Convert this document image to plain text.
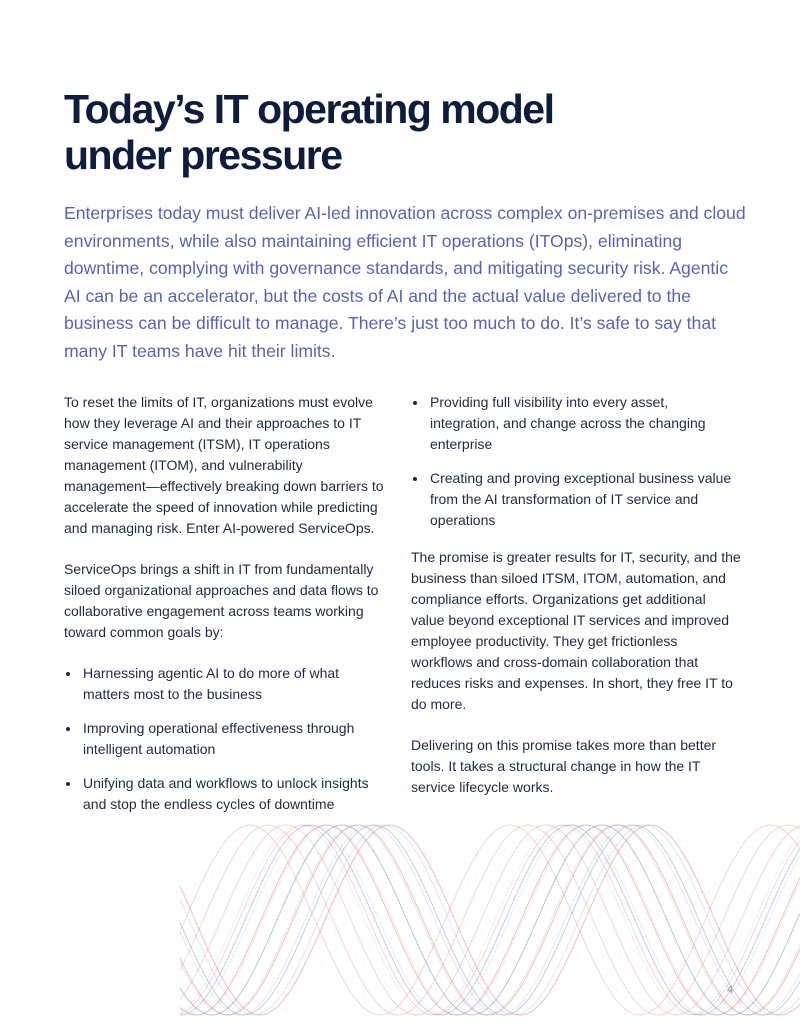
Today’s IT operating model
under pressure

Enterprises today must deliver AI-led innovation across complex on-premises and cloud environments, while also maintaining efficient IT operations (ITOps), eliminating downtime, complying with governance standards, and mitigating security risk. Agentic AI can be an accelerator, but the costs of AI and the actual value delivered to the business can be difficult to manage. There’s just too much to do. It’s safe to say that many IT teams have hit their limits.

To reset the limits of IT, organizations must evolve how they leverage AI and their approaches to IT service management (ITSM), IT operations management (ITOM), and vulnerability management—effectively breaking down barriers to accelerate the speed of innovation while predicting and managing risk. Enter AI-powered ServiceOps.

ServiceOps brings a shift in IT from fundamentally siloed organizational approaches and data flows to collaborative engagement across teams working toward common goals by:

Harnessing agentic AI to do more of what matters most to the business
Improving operational effectiveness through intelligent automation
Unifying data and workflows to unlock insights and stop the endless cycles of downtime
Providing full visibility into every asset, integration, and change across the changing enterprise
Creating and proving exceptional business value from the AI transformation of IT service and operations

The promise is greater results for IT, security, and the business than siloed ITSM, ITOM, automation, and compliance efforts. Organizations get additional value beyond exceptional IT services and improved employee productivity. They get frictionless workflows and cross-domain collaboration that reduces risks and expenses. In short, they free IT to do more.

Delivering on this promise takes more than better tools. It takes a structural change in how the IT service lifecycle works.

4
